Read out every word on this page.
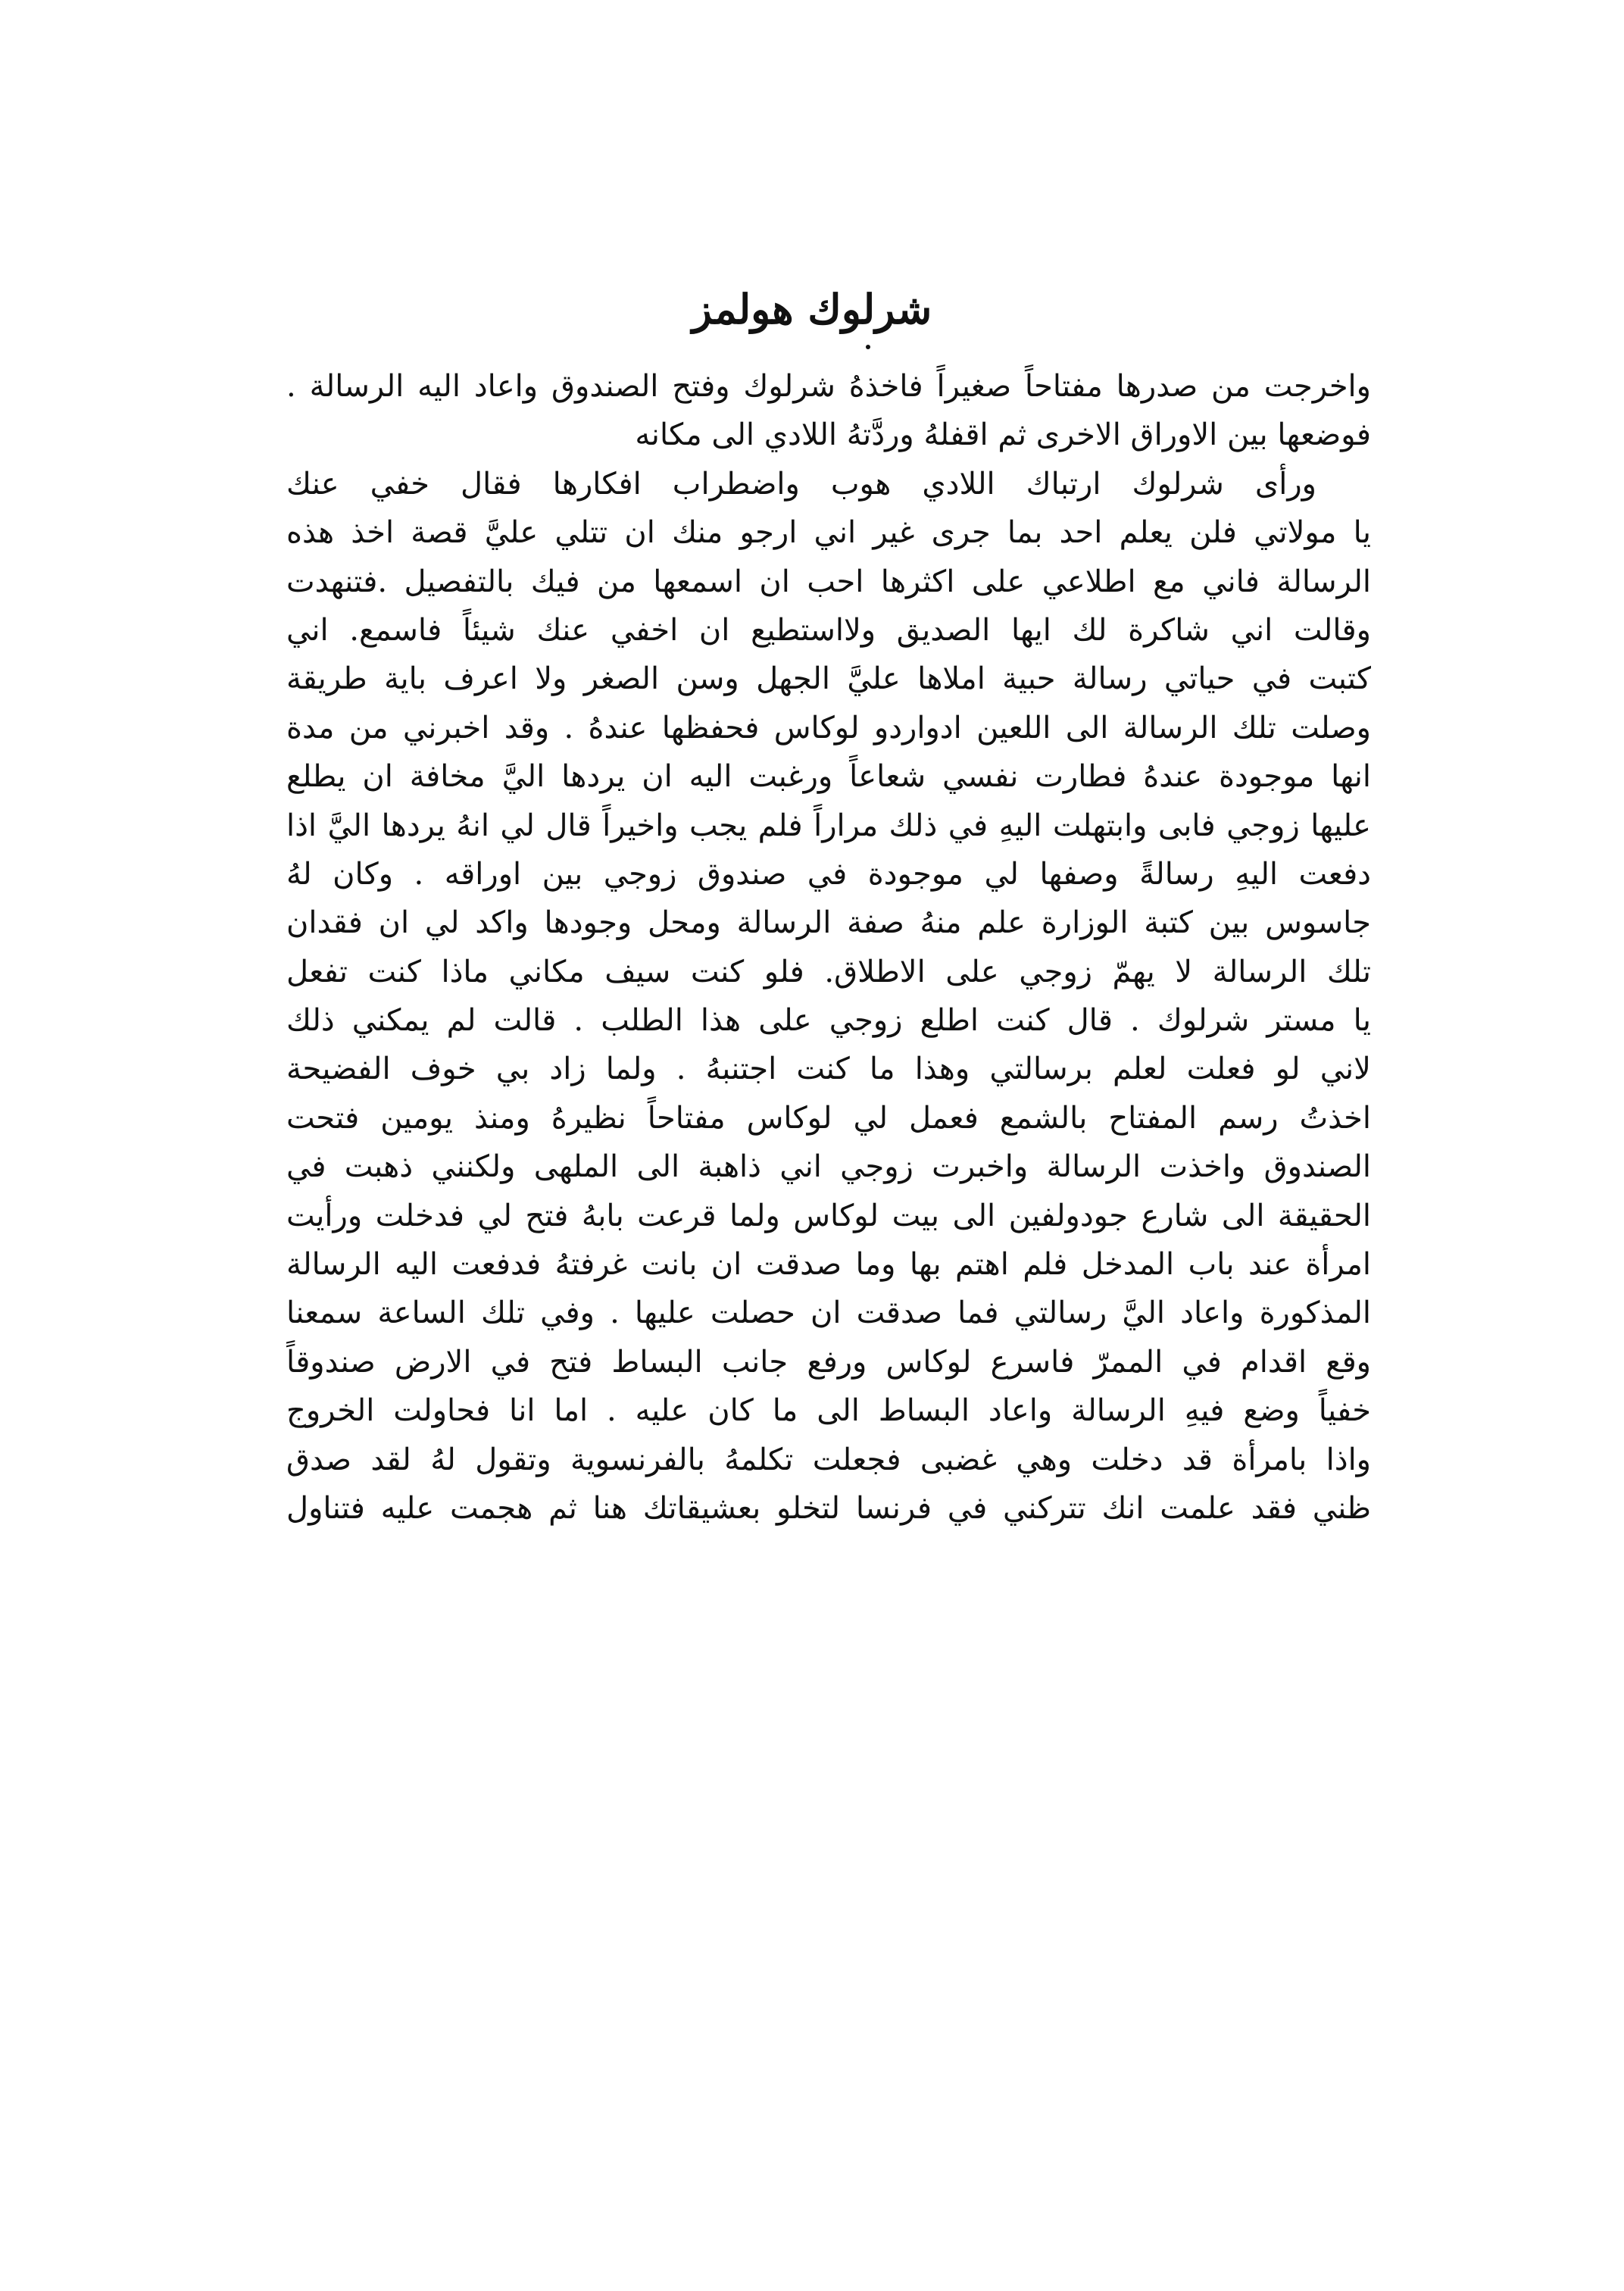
شرلوك هولمز
واخرجت من صدرها مفتاحاً صغيراً فاخذهُ شرلوك وفتح الصندوق واعاد اليه الرسالة .
فوضعها بين الاوراق الاخرى ثم اقفلهُ وردَّتهُ اللادي الى مكانه
ورأى شرلوك ارتباك اللادي هوب واضطراب افكارها فقال خفي عنك
يا مولاتي فلن يعلم احد بما جرى غير اني ارجو منك ان تتلي عليَّ قصة اخذ هذه
الرسالة فاني مع اطلاعي على اكثرها احب ان اسمعها من فيك بالتفصيل .فتنهدت
وقالت اني شاكرة لك ايها الصديق ولااستطيع ان اخفي عنك شيئاً فاسمع. اني
كتبت في حياتي رسالة حبية املاها عليَّ الجهل وسن الصغر ولا اعرف باية طريقة
وصلت تلك الرسالة الى اللعين ادواردو لوكاس فحفظها عندهُ . وقد اخبرني من مدة
انها موجودة عندهُ فطارت نفسي شعاعاً ورغبت اليه ان يردها اليَّ مخافة ان يطلع
عليها زوجي فابى وابتهلت اليهِ في ذلك مراراً فلم يجب واخيراً قال لي انهُ يردها اليَّ اذا
دفعت اليهِ رسالةً وصفها لي موجودة في صندوق زوجي بين اوراقه . وكان لهُ
جاسوس بين كتبة الوزارة علم منهُ صفة الرسالة ومحل وجودها واكد لي ان فقدان
تلك الرسالة لا يهمّ زوجي على الاطلاق. فلو كنت سيف مكاني ماذا كنت تفعل
يا مستر شرلوك . قال كنت اطلع زوجي على هذا الطلب . قالت لم يمكني ذلك
لاني لو فعلت لعلم برسالتي وهذا ما كنت اجتنبهُ . ولما زاد بي خوف الفضيحة
اخذتُ رسم المفتاح بالشمع فعمل لي لوكاس مفتاحاً نظيرهُ ومنذ يومين فتحت
الصندوق واخذت الرسالة واخبرت زوجي اني ذاهبة الى الملهى ولكنني ذهبت في
الحقيقة الى شارع جودولفين الى بيت لوكاس ولما قرعت بابهُ فتح لي فدخلت ورأيت
امرأة عند باب المدخل فلم اهتم بها وما صدقت ان بانت غرفتهُ فدفعت اليه الرسالة
المذكورة واعاد اليَّ رسالتي فما صدقت ان حصلت عليها . وفي تلك الساعة سمعنا
وقع اقدام في الممرّ فاسرع لوكاس ورفع جانب البساط فتح في الارض صندوقاً
خفياً وضع فيهِ الرسالة واعاد البساط الى ما كان عليه . اما انا فحاولت الخروج
واذا بامرأة قد دخلت وهي غضبى فجعلت تكلمهُ بالفرنسوية وتقول لهُ لقد صدق
ظني فقد علمت انك تتركني في فرنسا لتخلو بعشيقاتك هنا ثم هجمت عليه فتناول
